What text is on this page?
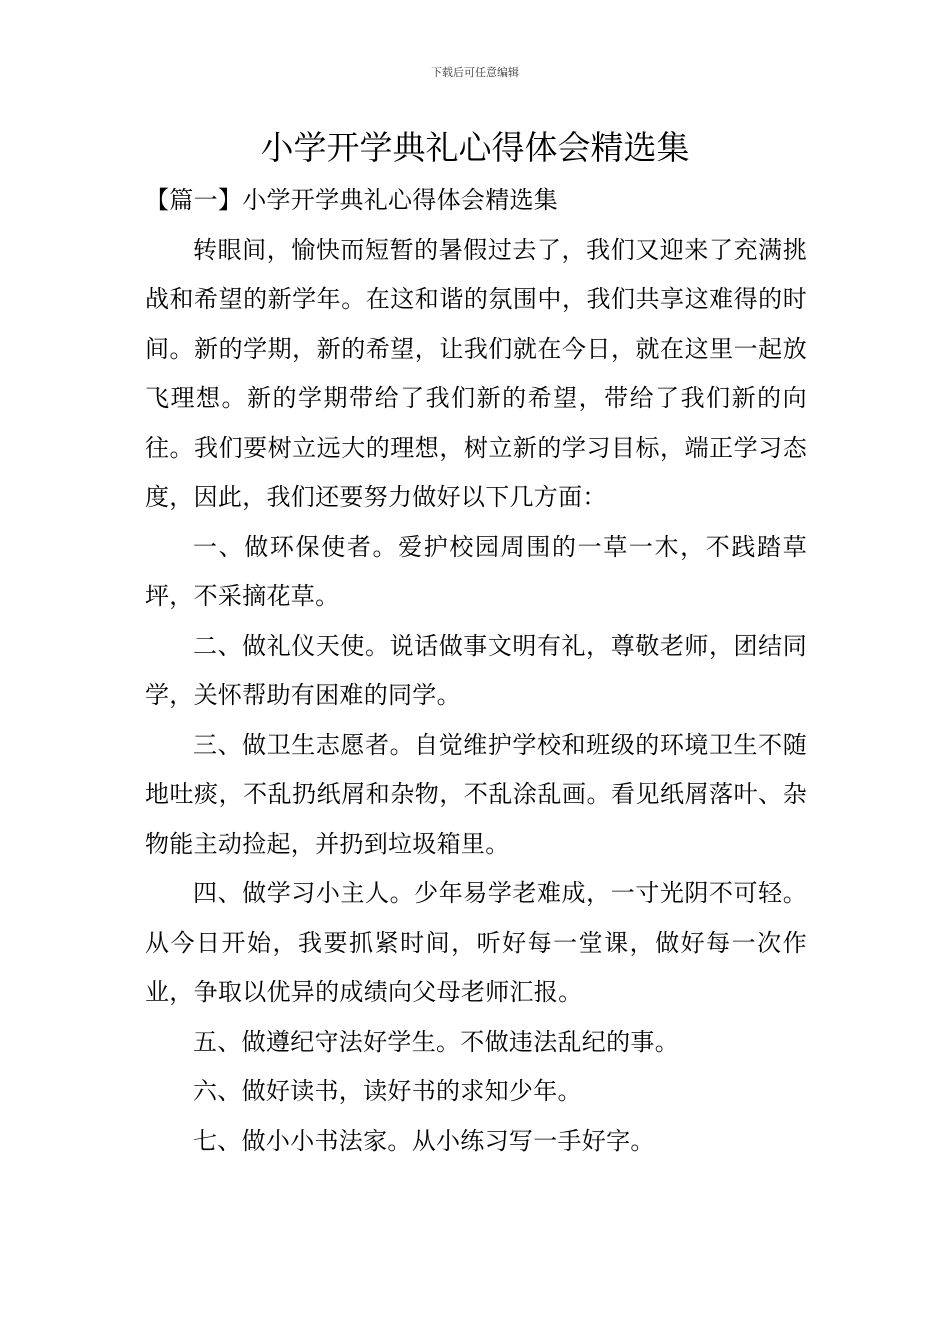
下载后可任意编辑
小学开学典礼心得体会精选集

【篇一】小学开学典礼心得体会精选集

转眼间，愉快而短暂的暑假过去了，我们又迎来了充满挑战和希望的新学年。在这和谐的氛围中，我们共享这难得的时间。新的学期，新的希望，让我们就在今日，就在这里一起放飞理想。新的学期带给了我们新的希望，带给了我们新的向往。我们要树立远大的理想，树立新的学习目标，端正学习态度，因此，我们还要努力做好以下几方面：

一、做环保使者。爱护校园周围的一草一木，不践踏草坪，不采摘花草。

二、做礼仪天使。说话做事文明有礼，尊敬老师，团结同学，关怀帮助有困难的同学。

三、做卫生志愿者。自觉维护学校和班级的环境卫生不随地吐痰，不乱扔纸屑和杂物，不乱涂乱画。看见纸屑落叶、杂物能主动捡起，并扔到垃圾箱里。

四、做学习小主人。少年易学老难成，一寸光阴不可轻。从今日开始，我要抓紧时间，听好每一堂课，做好每一次作业，争取以优异的成绩向父母老师汇报。

五、做遵纪守法好学生。不做违法乱纪的事。

六、做好读书，读好书的求知少年。

七、做小小书法家。从小练习写一手好字。
